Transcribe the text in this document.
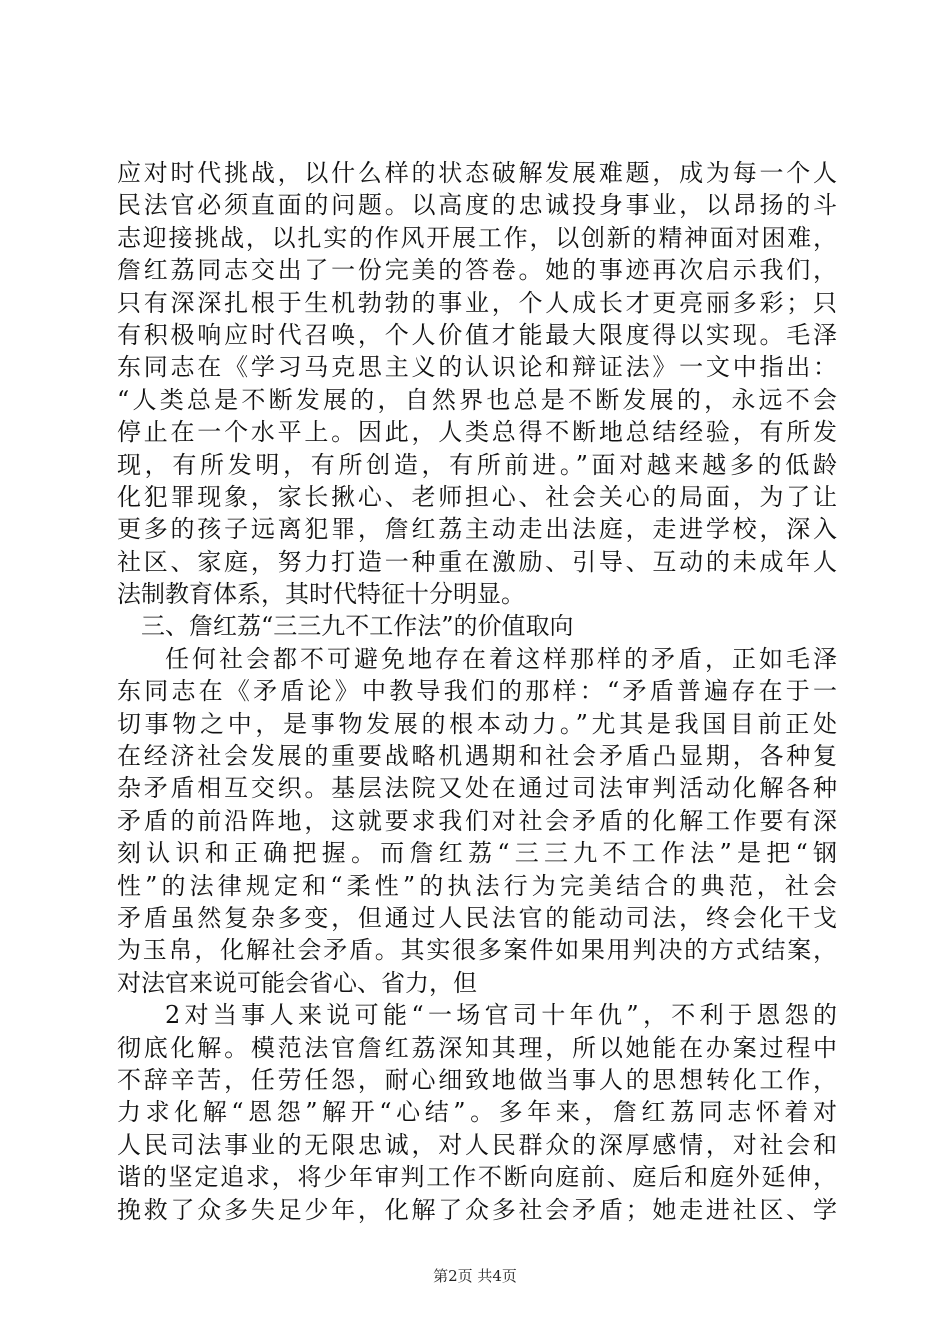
应对时代挑战，以什么样的状态破解发展难题，成为每一个人
民法官必须直面的问题。以高度的忠诚投身事业，以昂扬的斗
志迎接挑战，以扎实的作风开展工作，以创新的精神面对困难，
詹红荔同志交出了一份完美的答卷。她的事迹再次启示我们，
只有深深扎根于生机勃勃的事业，个人成长才更亮丽多彩；只
有积极响应时代召唤，个人价值才能最大限度得以实现。毛泽
东同志在《学习马克思主义的认识论和辩证法》一文中指出：
“人类总是不断发展的，自然界也总是不断发展的，永远不会
停止在一个水平上。因此，人类总得不断地总结经验，有所发
现，有所发明，有所创造，有所前进。”面对越来越多的低龄
化犯罪现象，家长揪心、老师担心、社会关心的局面，为了让
更多的孩子远离犯罪，詹红荔主动走出法庭，走进学校，深入
社区、家庭，努力打造一种重在激励、引导、互动的未成年人
法制教育体系，其时代特征十分明显。
三、詹红荔“三三九不工作法”的价值取向
任何社会都不可避免地存在着这样那样的矛盾，正如毛泽
东同志在《矛盾论》中教导我们的那样：“矛盾普遍存在于一
切事物之中，是事物发展的根本动力。”尤其是我国目前正处
在经济社会发展的重要战略机遇期和社会矛盾凸显期，各种复
杂矛盾相互交织。基层法院又处在通过司法审判活动化解各种
矛盾的前沿阵地，这就要求我们对社会矛盾的化解工作要有深
刻认识和正确把握。而詹红荔“三三九不工作法”是把“钢
性”的法律规定和“柔性”的执法行为完美结合的典范，社会
矛盾虽然复杂多变，但通过人民法官的能动司法，终会化干戈
为玉帛，化解社会矛盾。其实很多案件如果用判决的方式结案，
对法官来说可能会省心、省力，但
2对当事人来说可能“一场官司十年仇”，不利于恩怨的
彻底化解。模范法官詹红荔深知其理，所以她能在办案过程中
不辞辛苦，任劳任怨，耐心细致地做当事人的思想转化工作，
力求化解“恩怨”解开“心结”。多年来，詹红荔同志怀着对
人民司法事业的无限忠诚，对人民群众的深厚感情，对社会和
谐的坚定追求，将少年审判工作不断向庭前、庭后和庭外延伸，
挽救了众多失足少年，化解了众多社会矛盾；她走进社区、学
第2页 共4页
